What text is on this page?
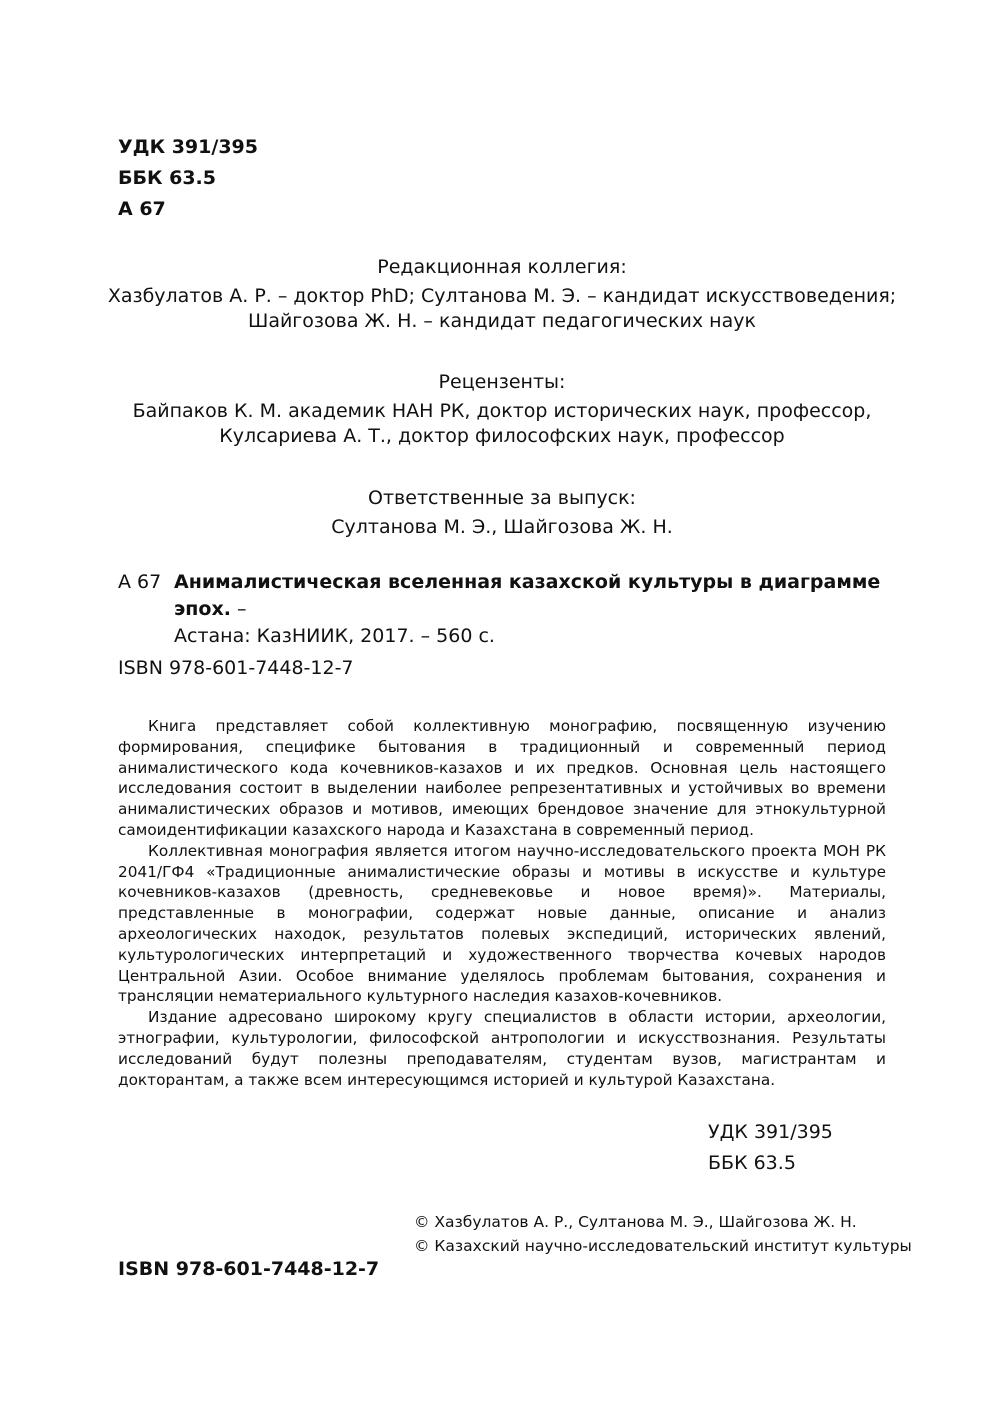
УДК 391/395
ББК 63.5
А 67
Редакционная коллегия:
Хазбулатов А. Р. – доктор PhD; Султанова М. Э. – кандидат искусствоведения;
Шайгозова Ж. Н. – кандидат педагогических наук
Рецензенты:
Байпаков К. М. академик НАН РК, доктор исторических наук, профессор,
Кулсариева А. Т., доктор философских наук, профессор
Ответственные за выпуск:
Султанова М. Э., Шайгозова Ж. Н.
А 67 Анималистическая вселенная казахской культуры в диаграмме эпох. –
Астана: КазНИИК, 2017. – 560 с.
ISBN 978-601-7448-12-7

Книга представляет собой коллективную монографию, посвященную изучению формирования, специфике бытования в традиционный и современный период анималистического кода кочевников-казахов и их предков. Основная цель настоящего исследования состоит в выделении наиболее репрезентативных и устойчивых во времени анималистических образов и мотивов, имеющих брендовое значение для этнокультурной самоидентификации казахского народа и Казахстана в современный период.

Коллективная монография является итогом научно-исследовательского проекта МОН РК 2041/ГФ4 «Традиционные анималистические образы и мотивы в искусстве и культуре кочевников-казахов (древность, средневековье и новое время)». Материалы, представленные в монографии, содержат новые данные, описание и анализ археологических находок, результатов полевых экспедиций, исторических явлений, культурологических интерпретаций и художественного творчества кочевых народов Центральной Азии. Особое внимание уделялось проблемам бытования, сохранения и трансляции нематериального культурного наследия казахов-кочевников.

Издание адресовано широкому кругу специалистов в области истории, археологии, этнографии, культурологии, философской антропологии и искусствознания. Результаты исследований будут полезны преподавателям, студентам вузов, магистрантам и докторантам, а также всем интересующимся историей и культурой Казахстана.

УДК 391/395
ББК 63.5
© Хазбулатов А. Р., Султанова М. Э., Шайгозова Ж. Н.
© Казахский научно-исследовательский институт культуры
ISBN 978-601-7448-12-7
